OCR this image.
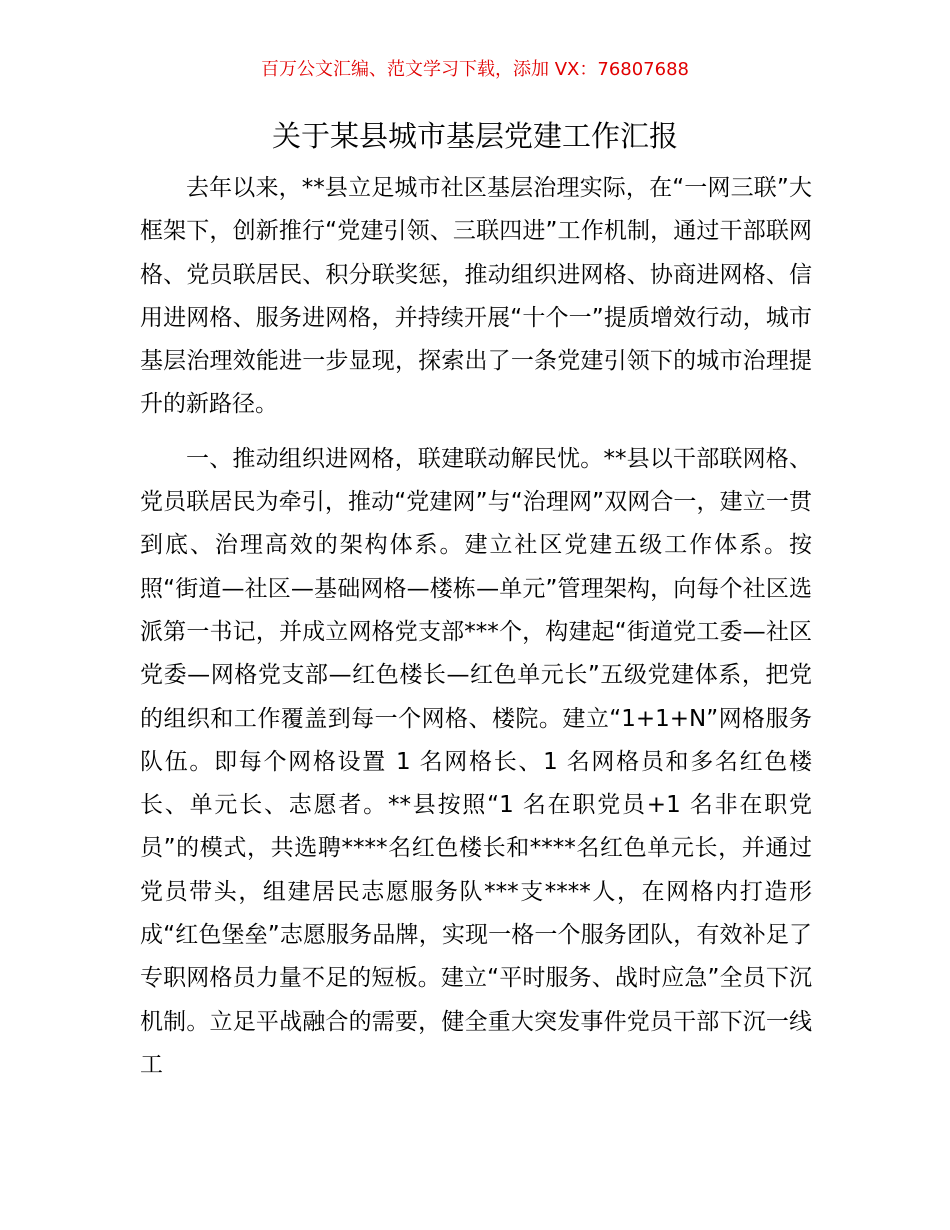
百万公文汇编、范文学习下载，添加 VX：76807688
关于某县城市基层党建工作汇报

去年以来，**县立足城市社区基层治理实际，在“一网三联”大框架下，创新推行“党建引领、三联四进”工作机制，通过干部联网格、党员联居民、积分联奖惩，推动组织进网格、协商进网格、信用进网格、服务进网格，并持续开展“十个一”提质增效行动，城市基层治理效能进一步显现，探索出了一条党建引领下的城市治理提升的新路径。

一、推动组织进网格，联建联动解民忧。**县以干部联网格、党员联居民为牵引，推动“党建网”与“治理网”双网合一，建立一贯到底、治理高效的架构体系。建立社区党建五级工作体系。按照“街道—社区—基础网格—楼栋—单元”管理架构，向每个社区选派第一书记，并成立网格党支部***个，构建起“街道党工委—社区党委—网格党支部—红色楼长—红色单元长”五级党建体系，把党的组织和工作覆盖到每一个网格、楼院。建立“1+1+N”网格服务队伍。即每个网格设置 1 名网格长、1 名网格员和多名红色楼长、单元长、志愿者。**县按照“1 名在职党员+1 名非在职党员”的模式，共选聘****名红色楼长和****名红色单元长，并通过党员带头，组建居民志愿服务队***支****人，在网格内打造形成“红色堡垒”志愿服务品牌，实现一格一个服务团队，有效补足了专职网格员力量不足的短板。建立“平时服务、战时应急”全员下沉机制。立足平战融合的需要，健全重大突发事件党员干部下沉一线工
